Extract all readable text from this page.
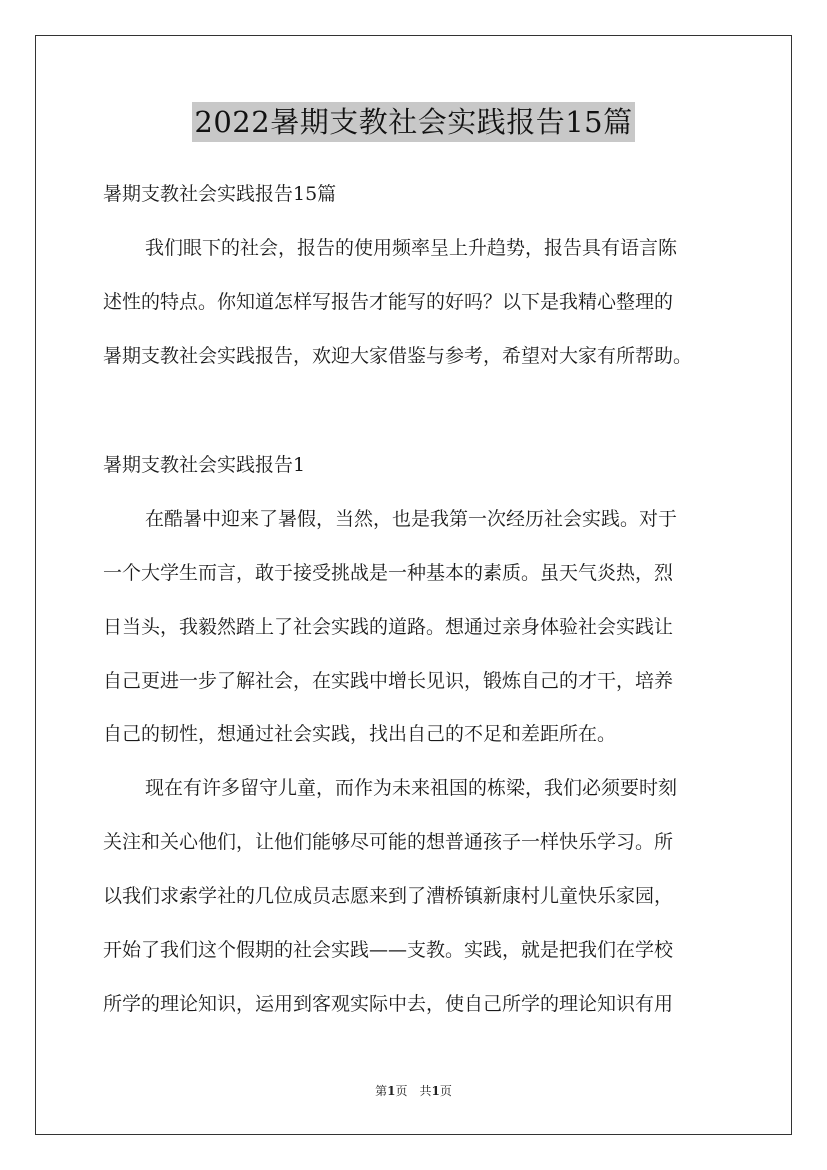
2022暑期支教社会实践报告15篇
暑期支教社会实践报告15篇
我们眼下的社会，报告的使用频率呈上升趋势，报告具有语言陈
述性的特点。你知道怎样写报告才能写的好吗？以下是我精心整理的
暑期支教社会实践报告，欢迎大家借鉴与参考，希望对大家有所帮助。
暑期支教社会实践报告1
在酷暑中迎来了暑假，当然，也是我第一次经历社会实践。对于
一个大学生而言，敢于接受挑战是一种基本的素质。虽天气炎热，烈
日当头，我毅然踏上了社会实践的道路。想通过亲身体验社会实践让
自己更进一步了解社会，在实践中增长见识，锻炼自己的才干，培养
自己的韧性，想通过社会实践，找出自己的不足和差距所在。
现在有许多留守儿童，而作为未来祖国的栋梁，我们必须要时刻
关注和关心他们，让他们能够尽可能的想普通孩子一样快乐学习。所
以我们求索学社的几位成员志愿来到了漕桥镇新康村儿童快乐家园，
开始了我们这个假期的社会实践——支教。实践，就是把我们在学校
所学的理论知识，运用到客观实际中去，使自己所学的理论知识有用
第1页　共1页
